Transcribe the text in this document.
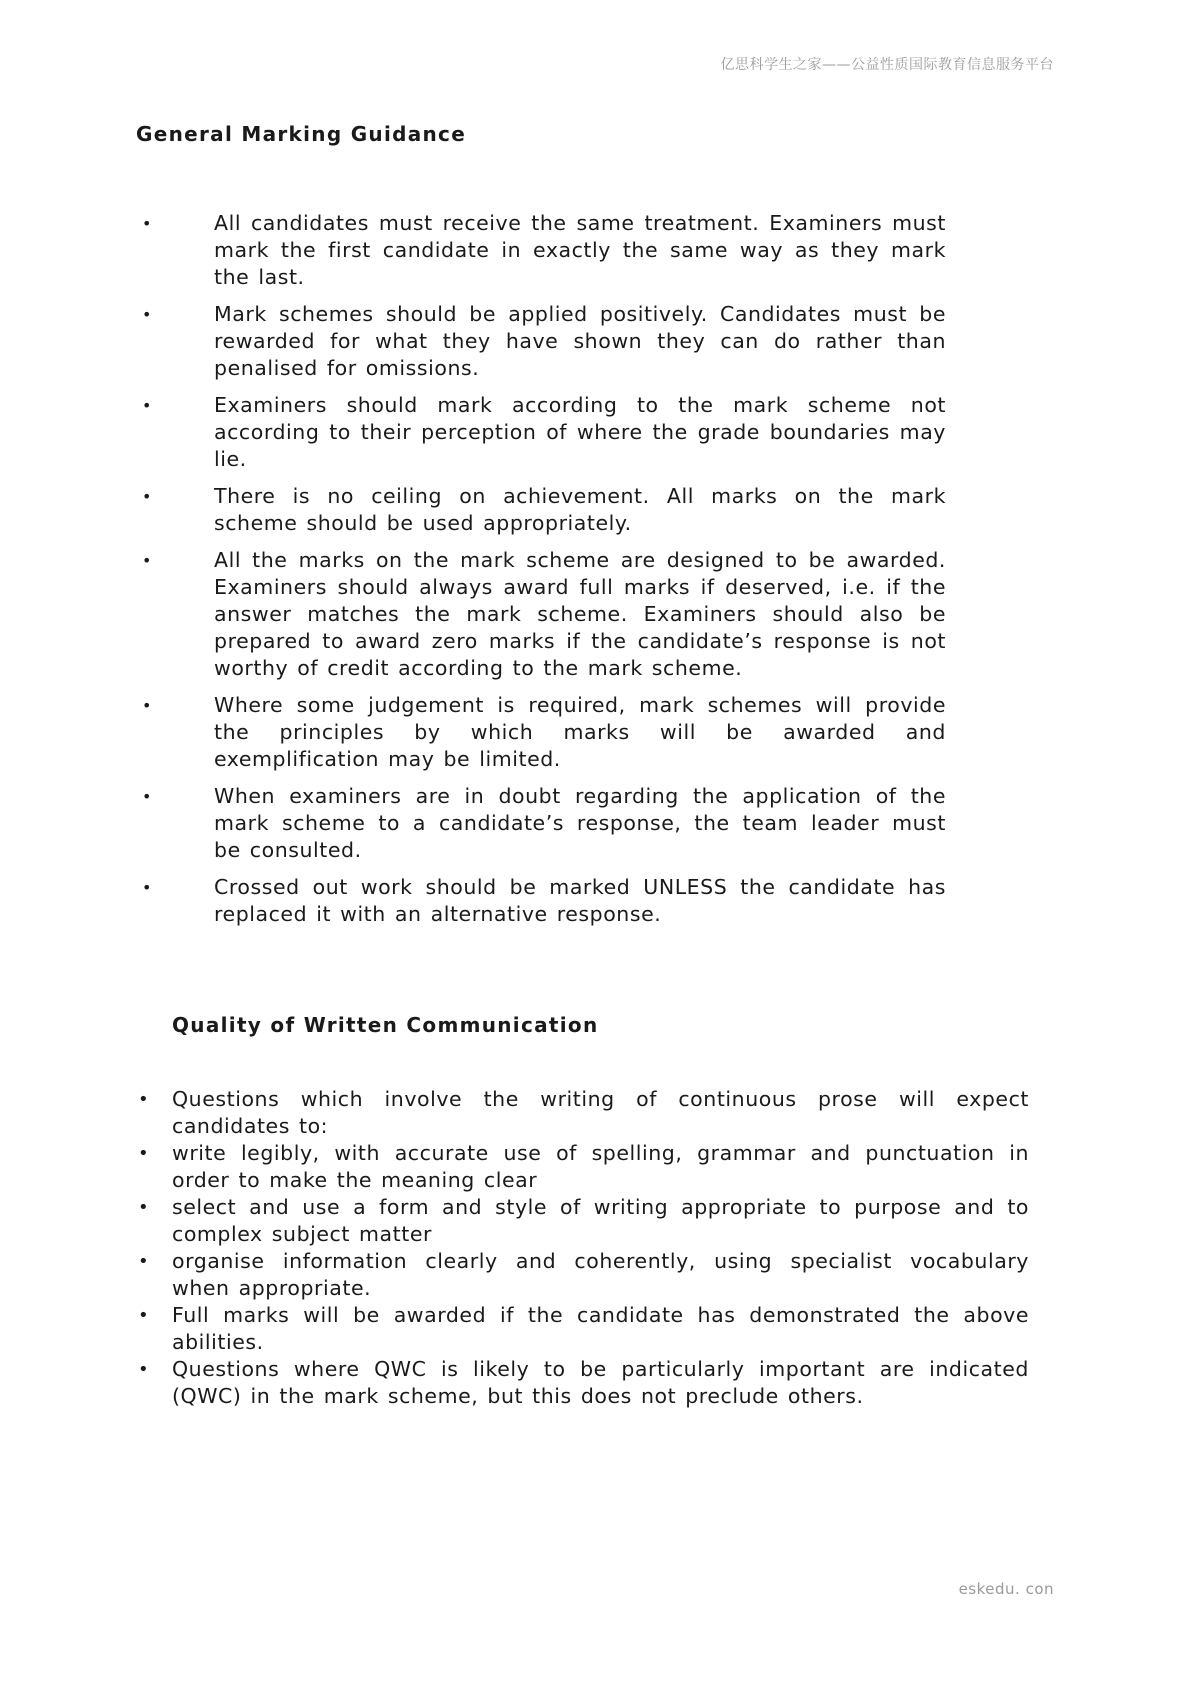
亿思科学生之家——公益性质国际教育信息服务平台
General Marking Guidance
•	All candidates must receive the same treatment. Examiners must mark the first candidate in exactly the same way as they mark the last.
•	Mark schemes should be applied positively. Candidates must be rewarded for what they have shown they can do rather than penalised for omissions.
•	Examiners should mark according to the mark scheme not according to their perception of where the grade boundaries may lie.
•	There is no ceiling on achievement. All marks on the mark scheme should be used appropriately.
•	All the marks on the mark scheme are designed to be awarded. Examiners should always award full marks if deserved, i.e. if the answer matches the mark scheme. Examiners should also be prepared to award zero marks if the candidate’s response is not worthy of credit according to the mark scheme.
•	Where some judgement is required, mark schemes will provide the principles by which marks will be awarded and exemplification may be limited.
•	When examiners are in doubt regarding the application of the mark scheme to a candidate’s response, the team leader must be consulted.
•	Crossed out work should be marked UNLESS the candidate has replaced it with an alternative response.
Quality of Written Communication
• Questions which involve the writing of continuous prose will expect candidates to:
• write legibly, with accurate use of spelling, grammar and punctuation in order to make the meaning clear
• select and use a form and style of writing appropriate to purpose and to complex subject matter
• organise information clearly and coherently, using specialist vocabulary when appropriate.
• Full marks will be awarded if the candidate has demonstrated the above abilities.
• Questions where QWC is likely to be particularly important are indicated (QWC) in the mark scheme, but this does not preclude others.
eskedu. con
